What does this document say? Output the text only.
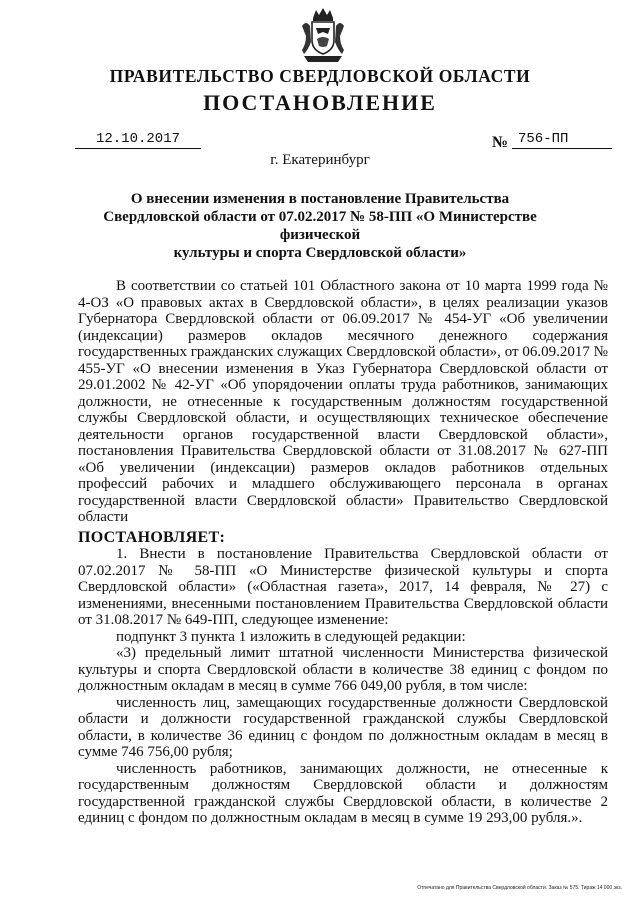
ПРАВИТЕЛЬСТВО СВЕРДЛОВСКОЙ ОБЛАСТИ
ПОСТАНОВЛЕНИЕ
12.10.2017	№ 756-ПП
г. Екатеринбург
О внесении изменения в постановление Правительства
Свердловской области от 07.02.2017 № 58-ПП «О Министерстве физической
культуры и спорта Свердловской области»

В соответствии со статьей 101 Областного закона от 10 марта 1999 года № 4-ОЗ «О правовых актах в Свердловской области», в целях реализации указов Губернатора Свердловской области от 06.09.2017 № 454-УГ «Об увеличении (индексации) размеров окладов месячного денежного содержания государственных гражданских служащих Свердловской области», от 06.09.2017 № 455-УГ «О внесении изменения в Указ Губернатора Свердловской области от 29.01.2002 № 42-УГ «Об упорядочении оплаты труда работников, занимающих должности, не отнесенные к государственным должностям государственной службы Свердловской области, и осуществляющих техническое обеспечение деятельности органов государственной власти Свердловской области», постановления Правительства Свердловской области от 31.08.2017 № 627-ПП «Об увеличении (индексации) размеров окладов работников отдельных профессий рабочих и младшего обслуживающего персонала в органах государственной власти Свердловской области» Правительство Свердловской области

ПОСТАНОВЛЯЕТ:

1. Внести в постановление Правительства Свердловской области от 07.02.2017 № 58-ПП «О Министерстве физической культуры и спорта Свердловской области» («Областная газета», 2017, 14 февраля, № 27) с изменениями, внесенными постановлением Правительства Свердловской области от 31.08.2017 № 649-ПП, следующее изменение:

подпункт 3 пункта 1 изложить в следующей редакции:

«3) предельный лимит штатной численности Министерства физической культуры и спорта Свердловской области в количестве 38 единиц с фондом по должностным окладам в месяц в сумме 766 049,00 рубля, в том числе:

численность лиц, замещающих государственные должности Свердловской области и должности государственной гражданской службы Свердловской области, в количестве 36 единиц с фондом по должностным окладам в месяц в сумме 746 756,00 рубля;

численность работников, занимающих должности, не отнесенные к государственным должностям Свердловской области и должностям государственной гражданской службы Свердловской области, в количестве 2 единиц с фондом по должностным окладам в месяц в сумме 19 293,00 рубля.».

Отпечатано для Правительства Свердловской области. Заказ № 575. Тираж 14 000 экз.
